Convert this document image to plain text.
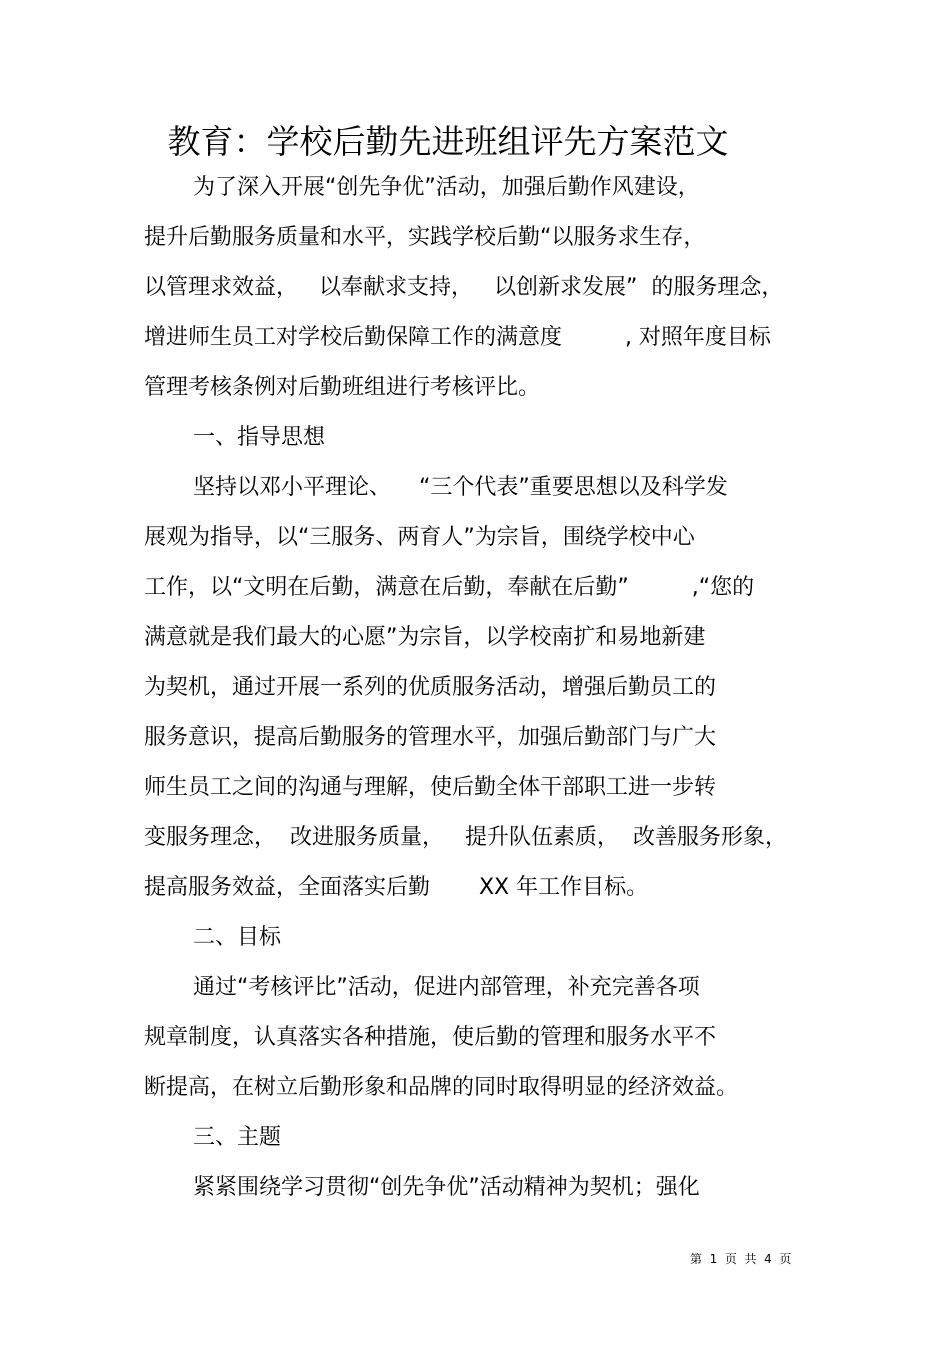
教育：学校后勤先进班组评先方案范文
为了深入开展“创先争优”活动，加强后勤作风建设，
提升后勤服务质量和水平，实践学校后勤“以服务求生存，
以管理求效益，   以奉献求支持，   以创新求发展”  的服务理念，
增进师生员工对学校后勤保障工作的满意度         , 对照年度目标
管理考核条例对后勤班组进行考核评比。
一、指导思想
坚持以邓小平理论、    “三个代表”重要思想以及科学发
展观为指导，以“三服务、两育人”为宗旨，围绕学校中心
工作，以“文明在后勤，满意在后勤，奉献在后勤”         ,“您的
满意就是我们最大的心愿”为宗旨，以学校南扩和易地新建
为契机，通过开展一系列的优质服务活动，增强后勤员工的
服务意识，提高后勤服务的管理水平，加强后勤部门与广大
师生员工之间的沟通与理解，使后勤全体干部职工进一步转
变服务理念，  改进服务质量，   提升队伍素质，  改善服务形象，
提高服务效益，全面落实后勤       XX 年工作目标。
二、目标
通过“考核评比”活动，促进内部管理，补充完善各项
规章制度，认真落实各种措施，使后勤的管理和服务水平不
断提高，在树立后勤形象和品牌的同时取得明显的经济效益。
三、主题
紧紧围绕学习贯彻“创先争优”活动精神为契机；强化
第  1  页  共  4  页
